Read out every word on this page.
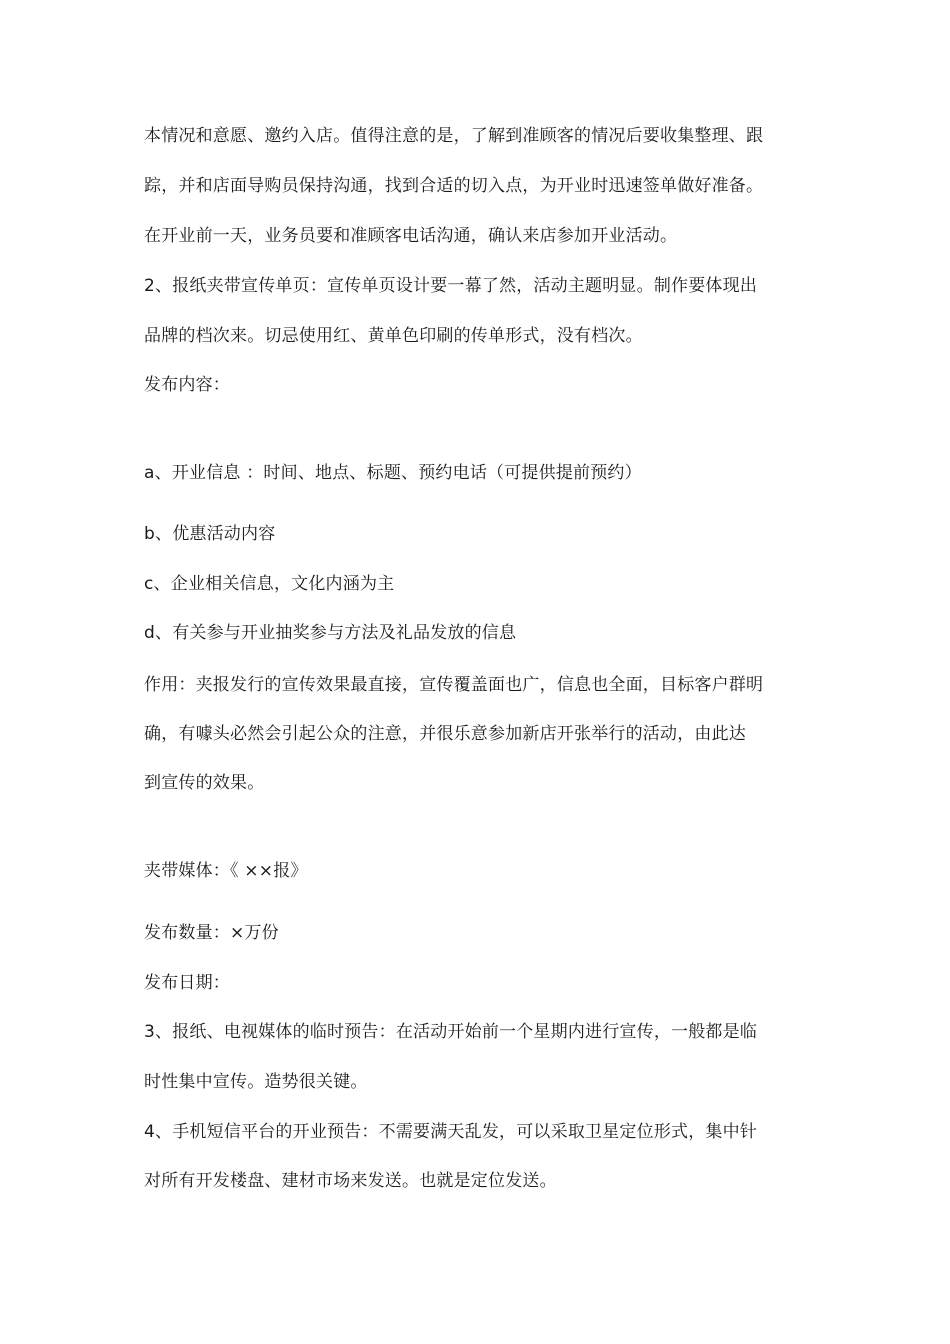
本情况和意愿、邀约入店。值得注意的是，了解到准顾客的情况后要收集整理、跟
踪，并和店面导购员保持沟通，找到合适的切入点，为开业时迅速签单做好准备。
在开业前一天，业务员要和准顾客电话沟通，确认来店参加开业活动。
2、报纸夹带宣传单页：宣传单页设计要一幕了然，活动主题明显。制作要体现出
品牌的档次来。切忌使用红、黄单色印刷的传单形式，没有档次。
发布内容：
a、开业信息 ：时间、地点、标题、预约电话（可提供提前预约）
b、优惠活动内容
c、企业相关信息，文化内涵为主
d、有关参与开业抽奖参与方法及礼品发放的信息
作用：夹报发行的宣传效果最直接，宣传覆盖面也广，信息也全面，目标客户群明
确，有噱头必然会引起公众的注意，并很乐意参加新店开张举行的活动，由此达
到宣传的效果。
夹带媒体：《 ××报》
发布数量：×万份
发布日期：
3、报纸、电视媒体的临时预告：在活动开始前一个星期内进行宣传，一般都是临
时性集中宣传。造势很关键。
4、手机短信平台的开业预告：不需要满天乱发，可以采取卫星定位形式，集中针
对所有开发楼盘、建材市场来发送。也就是定位发送。
